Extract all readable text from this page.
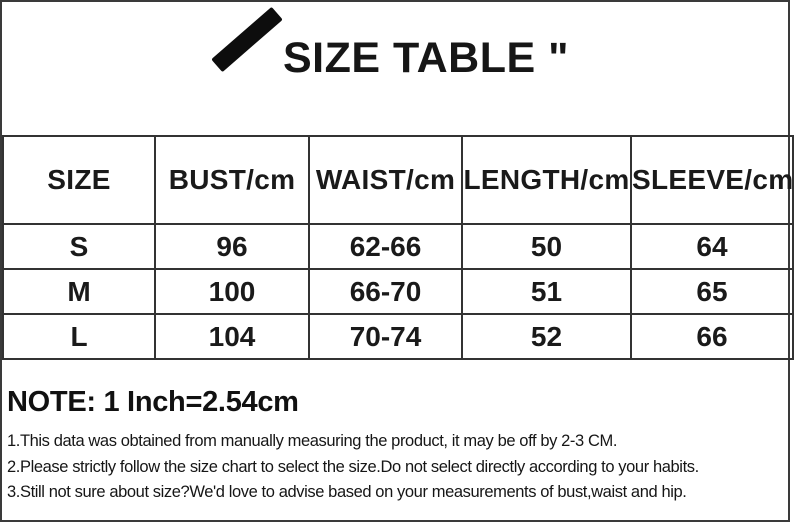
SIZE TABLE "
SIZE	BUST/cm	WAIST/cm	LENGTH/cm	SLEEVE/cm
S	96	62-66	50	64
M	100	66-70	51	65
L	104	70-74	52	66
NOTE: 1 Inch=2.54cm
1.This data was obtained from manually measuring the product, it may be off by 2-3 CM.
2.Please strictly follow the size chart to select the size.Do not select directly according to your habits.
3.Still not sure about size?We'd love to advise based on your measurements of bust,waist and hip.
